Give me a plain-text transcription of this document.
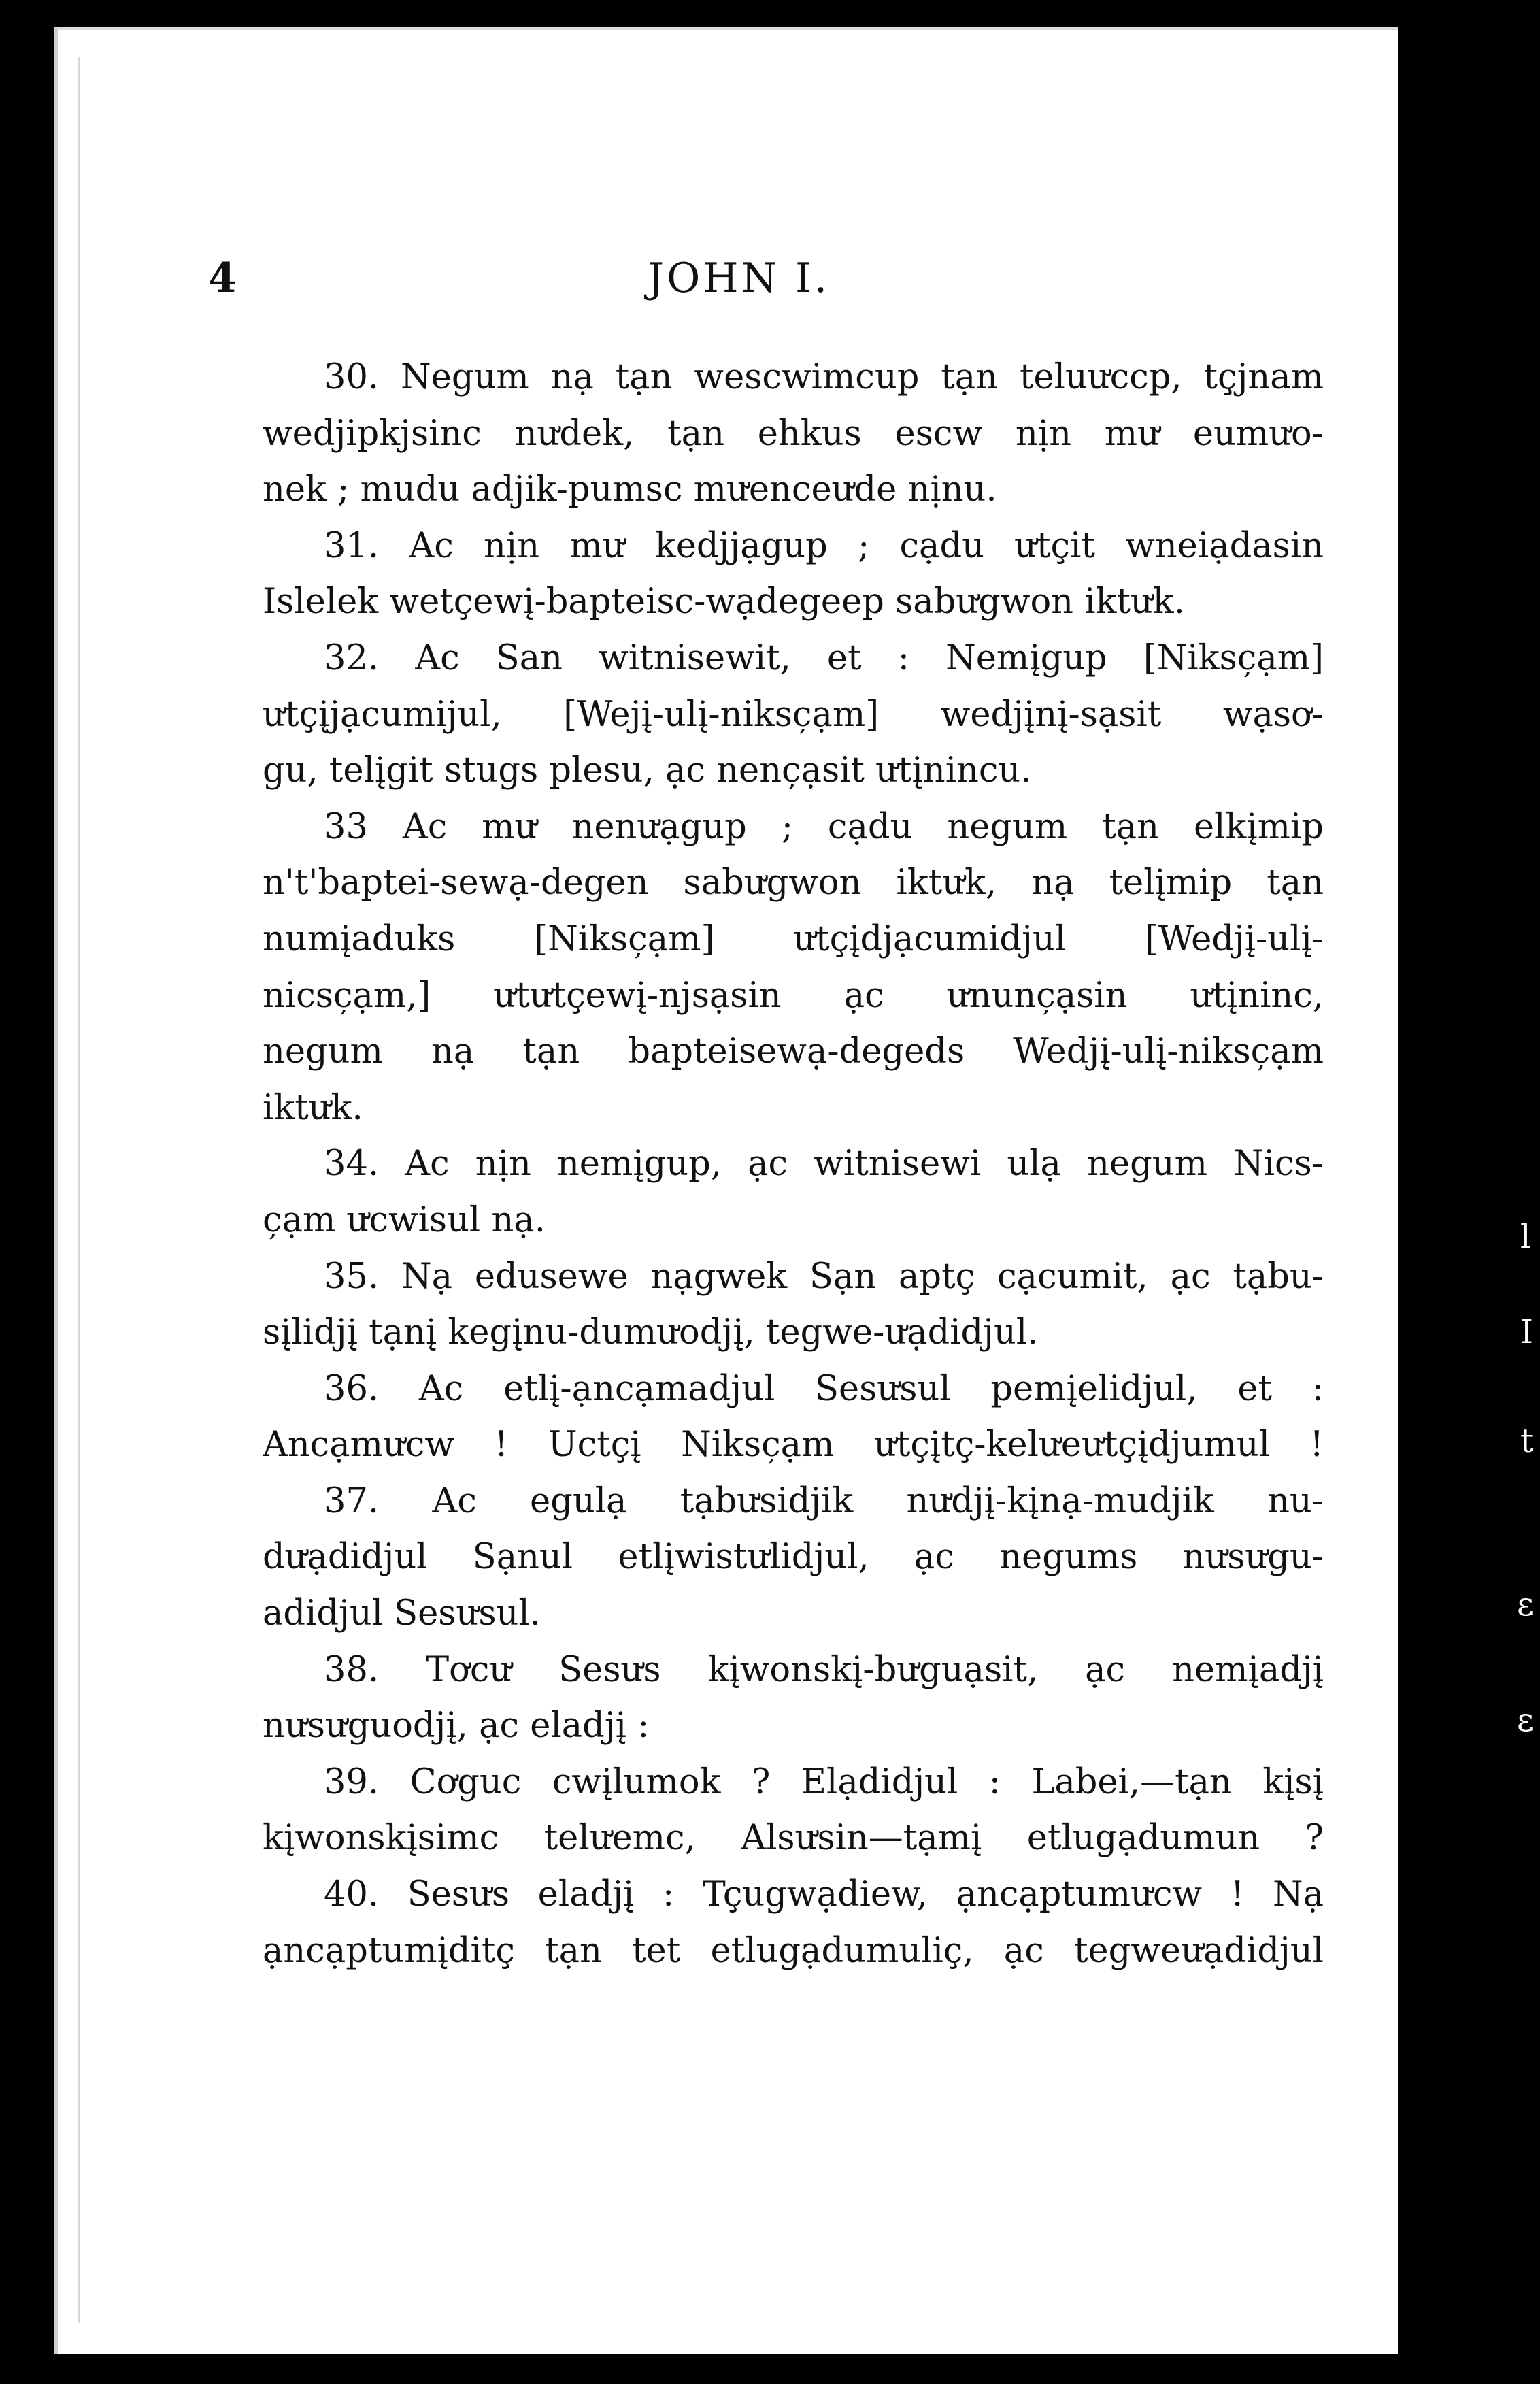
4	JOHN I.
30. Negum nạ tạn wescwimcup tạn teluưccp, tç̧jnam
wedjipkjsinc nưdek, tạn ehkus escw nịn mư eumưo-
nek ; mudu adjik-pumsc mưenceưde nịnu.
31. Ac nịn mư kedjjạgup ; cạdu ưtçit wneiạdasin
Islelek wetçewį-bapteisc-wạdegeep sabưgwon iktưk.
32. Ac San witnisewit, et : Nemįgup [Niksc̦ạm]
ưtçįjạcumijul, [Wejį-ulį-niksc̦ạm] wedjįnį-sạsit wạsơ-
gu, telįgit stugs plesu, ạc nenc̦ạsit ưtįnincu.
33 Ac mư nenưạgup ; cạdu negum tạn elkįmip
n't'baptei-sewạ-degen sabưgwon iktưk, nạ telįmip tạn
numįaduks [Niksc̦ạm] ưtçįdjạcumidjul [Wedjį-ulį-
nicsc̦ạm,] ưtưtçewį-njsạsin ạc ưnunc̦ạsin ưtįninc,
negum nạ tạn bapteisewạ-degeds Wedjį-ulį-niksc̦ạm
iktưk.
34. Ac nịn nemįgup, ạc witnisewi ulạ negum Nics-
c̦ạm ưcwisul nạ.
35. Nạ edusewe nạgwek Sạn aptç cạcumit, ạc tạbu-
sįlidjį tạnį kegįnu-dumưodjį, tegwe-ưạdidjul.
36. Ac etlį-ạncạmadjul Sesưsul pemįelidjul, et :
Ancạmưcw ! Uctçį Niksc̦ạm ưtçįtç-kelưeưtçįdjumul !
37. Ac egulạ tạbưsidjik nưdjį-kįnạ-mudjik nu-
dưạdidjul Sạnul etlįwistưlidjul, ạc negums nưsưgu-
adidjul Sesưsul.
38. Tơcư Sesưs kįwonskį-bưguạsit, ạc nemįadjį
nưsưguodjį, ạc eladjį :
39. Cơguc cwįlumok ? Elạdidjul : Labei,—tạn kįsį
kįwonskįsimc telưemc, Alsưsin—tạmį etlugạdumun ?
40. Sesưs eladjį : Tçugwạdiew, ạncạptumưcw ! Nạ
ạncạptumįditç tạn tet etlugạdumuliç, ạc tegweưạdidjul
l
I
t
ε
ε
